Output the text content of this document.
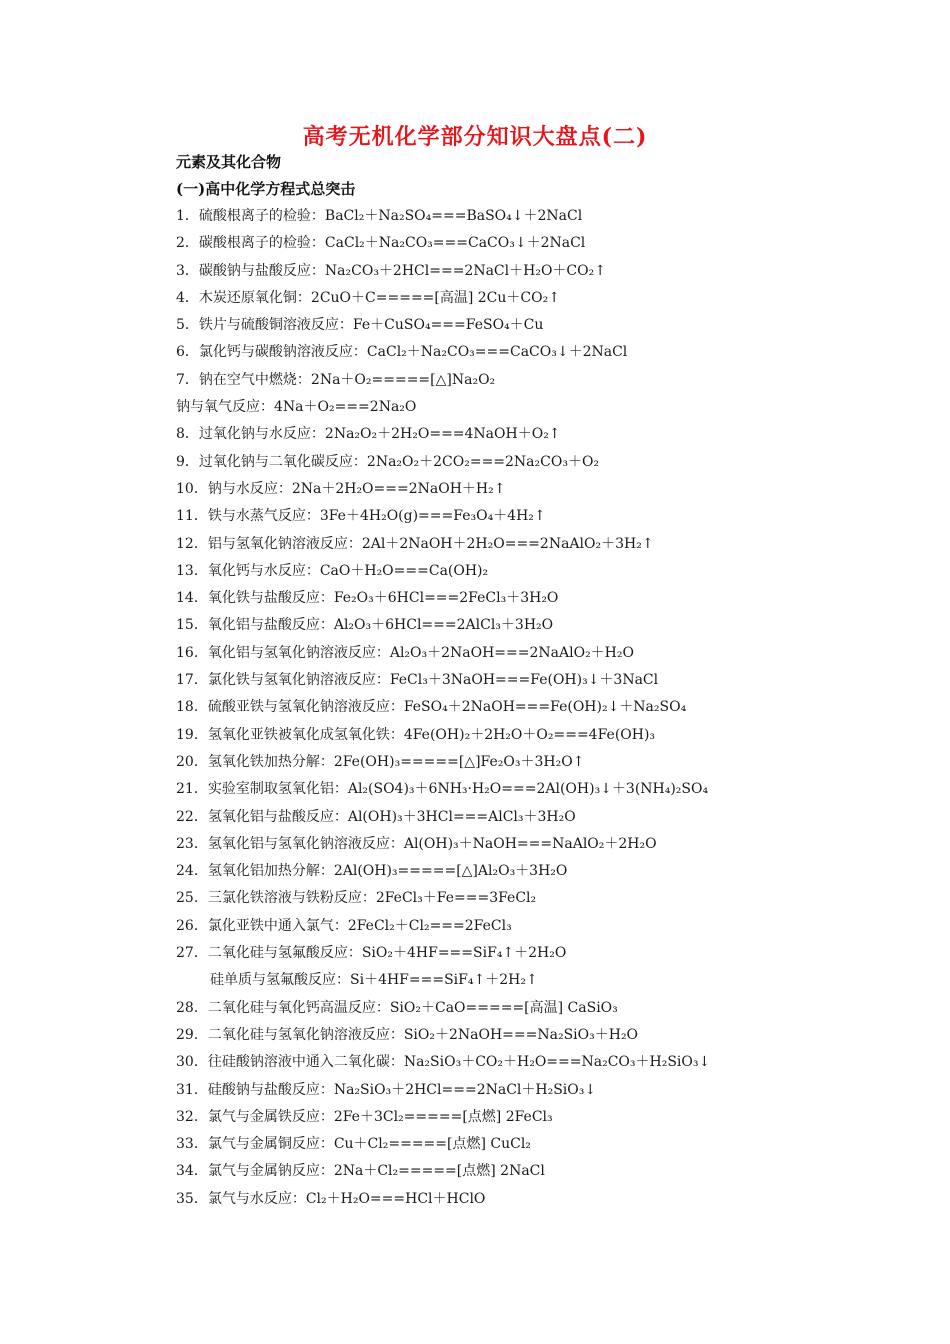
高考无机化学部分知识大盘点(二)
元素及其化合物
(一)高中化学方程式总突击
1．硫酸根离子的检验：BaCl₂＋Na₂SO₄===BaSO₄↓＋2NaCl
2．碳酸根离子的检验：CaCl₂＋Na₂CO₃===CaCO₃↓＋2NaCl
3．碳酸钠与盐酸反应：Na₂CO₃＋2HCl===2NaCl＋H₂O＋CO₂↑
4．木炭还原氧化铜：2CuO＋C=====[高温] 2Cu＋CO₂↑
5．铁片与硫酸铜溶液反应：Fe＋CuSO₄===FeSO₄＋Cu
6．氯化钙与碳酸钠溶液反应：CaCl₂＋Na₂CO₃===CaCO₃↓＋2NaCl
7．钠在空气中燃烧：2Na＋O₂=====[△]Na₂O₂
钠与氧气反应：4Na＋O₂===2Na₂O
8．过氧化钠与水反应：2Na₂O₂＋2H₂O===4NaOH＋O₂↑
9．过氧化钠与二氧化碳反应：2Na₂O₂＋2CO₂===2Na₂CO₃＋O₂
10．钠与水反应：2Na＋2H₂O===2NaOH＋H₂↑
11．铁与水蒸气反应：3Fe＋4H₂O(g)===Fe₃O₄＋4H₂↑
12．铝与氢氧化钠溶液反应：2Al＋2NaOH＋2H₂O===2NaAlO₂＋3H₂↑
13．氧化钙与水反应：CaO＋H₂O===Ca(OH)₂
14．氧化铁与盐酸反应：Fe₂O₃＋6HCl===2FeCl₃＋3H₂O
15．氧化铝与盐酸反应：Al₂O₃＋6HCl===2AlCl₃＋3H₂O
16．氧化铝与氢氧化钠溶液反应：Al₂O₃＋2NaOH===2NaAlO₂＋H₂O
17．氯化铁与氢氧化钠溶液反应：FeCl₃＋3NaOH===Fe(OH)₃↓＋3NaCl
18．硫酸亚铁与氢氧化钠溶液反应：FeSO₄＋2NaOH===Fe(OH)₂↓＋Na₂SO₄
19．氢氧化亚铁被氧化成氢氧化铁：4Fe(OH)₂＋2H₂O＋O₂===4Fe(OH)₃
20．氢氧化铁加热分解：2Fe(OH)₃=====[△]Fe₂O₃＋3H₂O↑
21．实验室制取氢氧化铝：Al₂(SO4)₃＋6NH₃·H₂O===2Al(OH)₃↓＋3(NH₄)₂SO₄
22．氢氧化铝与盐酸反应：Al(OH)₃＋3HCl===AlCl₃＋3H₂O
23．氢氧化铝与氢氧化钠溶液反应：Al(OH)₃＋NaOH===NaAlO₂＋2H₂O
24．氢氧化铝加热分解：2Al(OH)₃=====[△]Al₂O₃＋3H₂O
25．三氯化铁溶液与铁粉反应：2FeCl₃＋Fe===3FeCl₂
26．氯化亚铁中通入氯气：2FeCl₂＋Cl₂===2FeCl₃
27．二氧化硅与氢氟酸反应：SiO₂＋4HF===SiF₄↑＋2H₂O
硅单质与氢氟酸反应：Si＋4HF===SiF₄↑＋2H₂↑
28．二氧化硅与氧化钙高温反应：SiO₂＋CaO=====[高温] CaSiO₃
29．二氧化硅与氢氧化钠溶液反应：SiO₂＋2NaOH===Na₂SiO₃＋H₂O
30．往硅酸钠溶液中通入二氧化碳：Na₂SiO₃＋CO₂＋H₂O===Na₂CO₃＋H₂SiO₃↓
31．硅酸钠与盐酸反应：Na₂SiO₃＋2HCl===2NaCl＋H₂SiO₃↓
32．氯气与金属铁反应：2Fe＋3Cl₂=====[点燃] 2FeCl₃
33．氯气与金属铜反应：Cu＋Cl₂=====[点燃] CuCl₂
34．氯气与金属钠反应：2Na＋Cl₂=====[点燃] 2NaCl
35．氯气与水反应：Cl₂＋H₂O===HCl＋HClO
